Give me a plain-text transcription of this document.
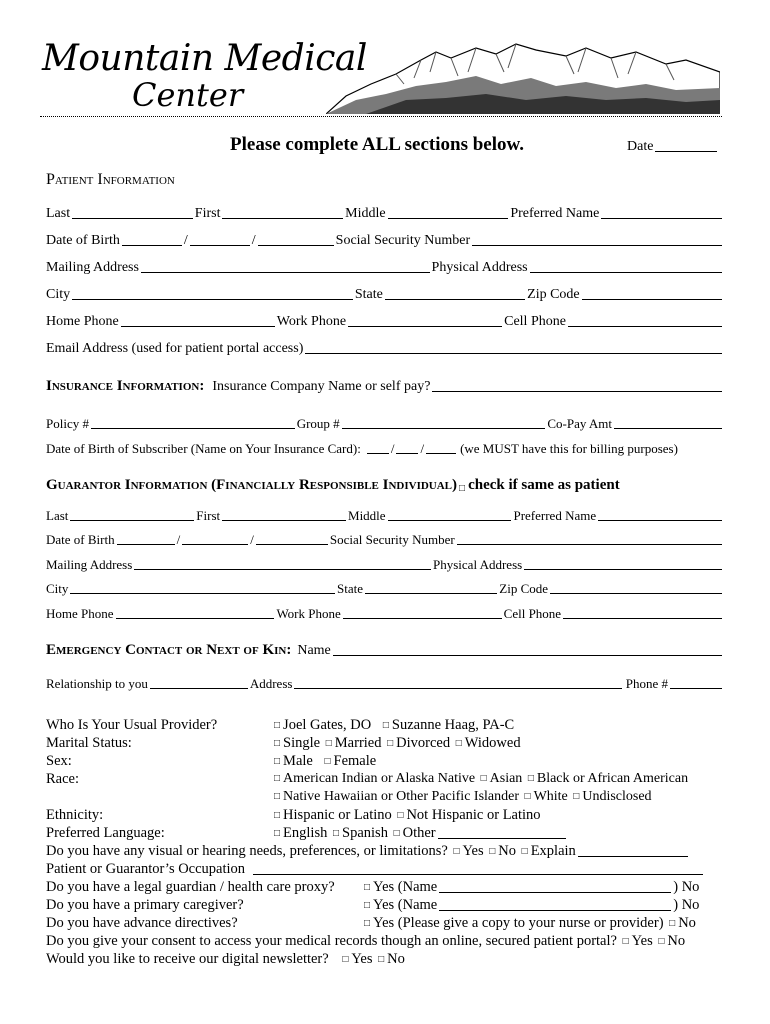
Mountain Medical
Center
Please complete ALL sections below.	Date
Patient Information
Last	First	Middle	Preferred Name
Date of Birth	/	/	Social Security Number
Mailing Address	Physical Address
City	State	Zip Code
Home Phone	Work Phone	Cell Phone
Email Address (used for patient portal access)
Insurance Information: Insurance Company Name or self pay?
Policy #	Group #	Co-Pay Amt
Date of Birth of Subscriber (Name on Your Insurance Card): / /	(we MUST have this for billing purposes)
Guarantor Information (Financially Responsible Individual) □ check if same as patient
Last	First	Middle	Preferred Name
Date of Birth	/	/	Social Security Number
Mailing Address	Physical Address
City	State	Zip Code
Home Phone	Work Phone	Cell Phone
Emergency Contact or Next of Kin: Name
Relationship to you	Address	Phone #
Who Is Your Usual Provider?	□ Joel Gates, DO □ Suzanne Haag, PA-C
Marital Status:	□ Single □ Married □ Divorced □ Widowed
Sex:	□ Male □ Female
Race:	□ American Indian or Alaska Native □ Asian □ Black or African American
□ Native Hawaiian or Other Pacific Islander □ White □ Undisclosed
Ethnicity:	□ Hispanic or Latino □ Not Hispanic or Latino
Preferred Language:	□ English □ Spanish □ Other
Do you have any visual or hearing needs, preferences, or limitations? □ Yes □ No □ Explain
Patient or Guarantor’s Occupation
Do you have a legal guardian / health care proxy?	□ Yes (Name	) No
Do you have a primary caregiver?	□ Yes (Name	) No
Do you have advance directives?	□ Yes (Please give a copy to your nurse or provider) □ No
Do you give your consent to access your medical records though an online, secured patient portal? □ Yes □ No
Would you like to receive our digital newsletter? □ Yes □ No
